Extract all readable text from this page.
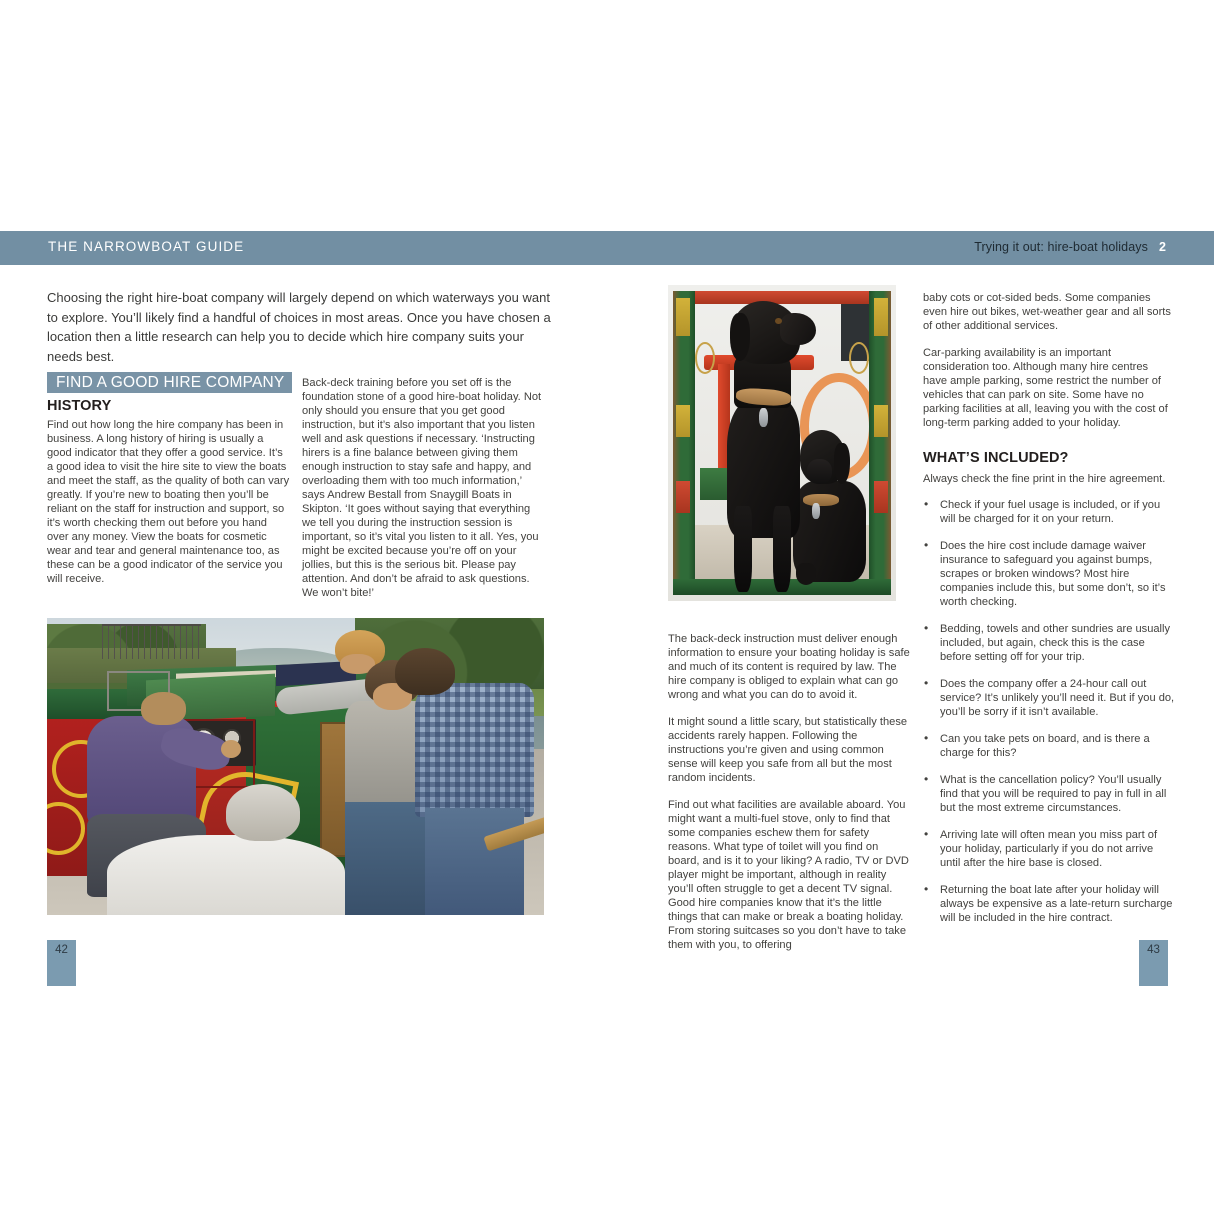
THE NARROWBOAT GUIDE	Trying it out: hire-boat holidays 2
Choosing the right hire-boat company will largely depend on which waterways you want to explore. You’ll likely find a handful of choices in most areas. Once you have chosen a location then a little research can help you to decide which hire company suits your needs best.
FIND A GOOD HIRE COMPANY
HISTORY

Find out how long the hire company has been in business. A long history of hiring is usually a good indicator that they offer a good service. It’s a good idea to visit the hire site to view the boats and meet the staff, as the quality of both can vary greatly. If you’re new to boating then you’ll be reliant on the staff for instruction and support, so it’s worth checking them out before you hand over any money. View the boats for cosmetic wear and tear and general maintenance too, as these can be a good indicator of the service you will receive.

Back-deck training before you set off is the foundation stone of a good hire-boat holiday. Not only should you ensure that you get good instruction, but it’s also important that you listen well and ask questions if necessary. ‘Instructing hirers is a fine balance between giving them enough instruction to stay safe and happy, and overloading them with too much information,’ says Andrew Bestall from Snaygill Boats in Skipton. ‘It goes without saying that everything we tell you during the instruction session is important, so it’s vital you listen to it all. Yes, you might be excited because you’re off on your jollies, but this is the serious bit. Please pay attention. And don’t be afraid to ask questions. We won’t bite!’

42

The back-deck instruction must deliver enough information to ensure your boating holiday is safe and much of its content is required by law. The hire company is obliged to explain what can go wrong and what you can do to avoid it.

It might sound a little scary, but statistically these accidents rarely happen. Following the instructions you’re given and using common sense will keep you safe from all but the most random incidents.

Find out what facilities are available aboard. You might want a multi-fuel stove, only to find that some companies eschew them for safety reasons. What type of toilet will you find on board, and is it to your liking? A radio, TV or DVD player might be important, although in reality you’ll often struggle to get a decent TV signal. Good hire companies know that it’s the little things that can make or break a boating holiday. From storing suitcases so you don’t have to take them with you, to offering

baby cots or cot-sided beds. Some companies even hire out bikes, wet-weather gear and all sorts of other additional services.

Car-parking availability is an important consideration too. Although many hire centres have ample parking, some restrict the number of vehicles that can park on site. Some have no parking facilities at all, leaving you with the cost of long-term parking added to your holiday.

WHAT’S INCLUDED?
Always check the fine print in the hire agreement.
• Check if your fuel usage is included, or if you will be charged for it on your return.
• Does the hire cost include damage waiver insurance to safeguard you against bumps, scrapes or broken windows? Most hire companies include this, but some don’t, so it’s worth checking.
• Bedding, towels and other sundries are usually included, but again, check this is the case before setting off for your trip.
• Does the company offer a 24-hour call out service? It’s unlikely you’ll need it. But if you do, you’ll be sorry if it isn’t available.
• Can you take pets on board, and is there a charge for this?
• What is the cancellation policy? You’ll usually find that you will be required to pay in full in all but the most extreme circumstances.
• Arriving late will often mean you miss part of your holiday, particularly if you do not arrive until after the hire base is closed.
• Returning the boat late after your holiday will always be expensive as a late-return surcharge will be included in the hire contract.
43
